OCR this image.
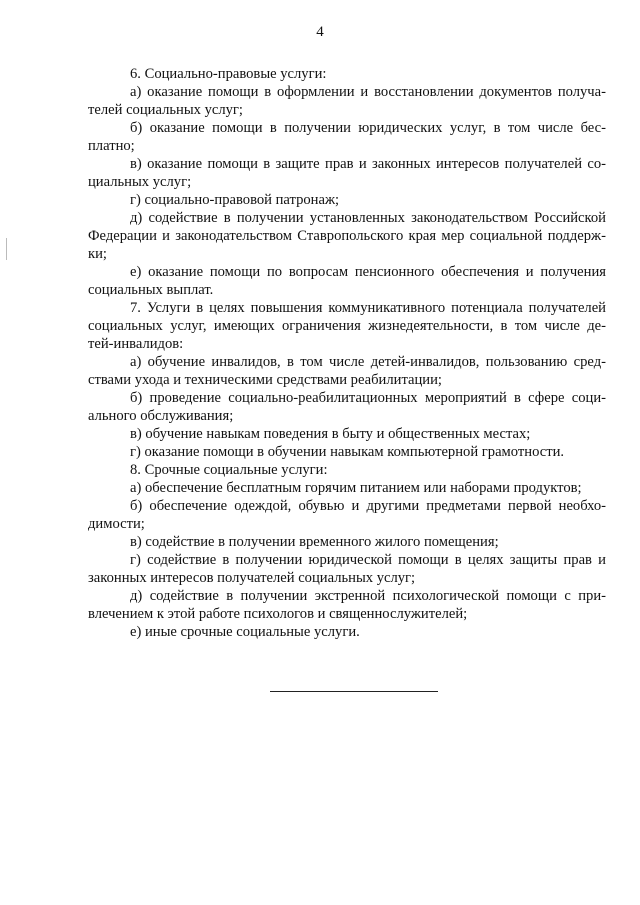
4
6. Социально-правовые услуги:
а) оказание помощи в оформлении и восстановлении документов получа-
телей социальных услуг;
б) оказание помощи в получении юридических услуг, в том числе бес-
платно;
в) оказание помощи в защите прав и законных интересов получателей со-
циальных услуг;
г) социально-правовой патронаж;
д) содействие в получении установленных законодательством Российской
Федерации и законодательством Ставропольского края мер социальной поддерж-
ки;
е) оказание помощи по вопросам пенсионного обеспечения и получения
социальных выплат.
7. Услуги в целях повышения коммуникативного потенциала получателей
социальных услуг, имеющих ограничения жизнедеятельности, в том числе де-
тей-инвалидов:
а) обучение инвалидов, в том числе детей-инвалидов, пользованию сред-
ствами ухода и техническими средствами реабилитации;
б) проведение социально-реабилитационных мероприятий в сфере соци-
ального обслуживания;
в) обучение навыкам поведения в быту и общественных местах;
г) оказание помощи в обучении навыкам компьютерной грамотности.
8. Срочные социальные услуги:
а) обеспечение бесплатным горячим питанием или наборами продуктов;
б) обеспечение одеждой, обувью и другими предметами первой необхо-
димости;
в) содействие в получении временного жилого помещения;
г) содействие в получении юридической помощи в целях защиты прав и
законных интересов получателей социальных услуг;
д) содействие в получении экстренной психологической помощи с при-
влечением к этой работе психологов и священнослужителей;
е) иные срочные социальные услуги.
